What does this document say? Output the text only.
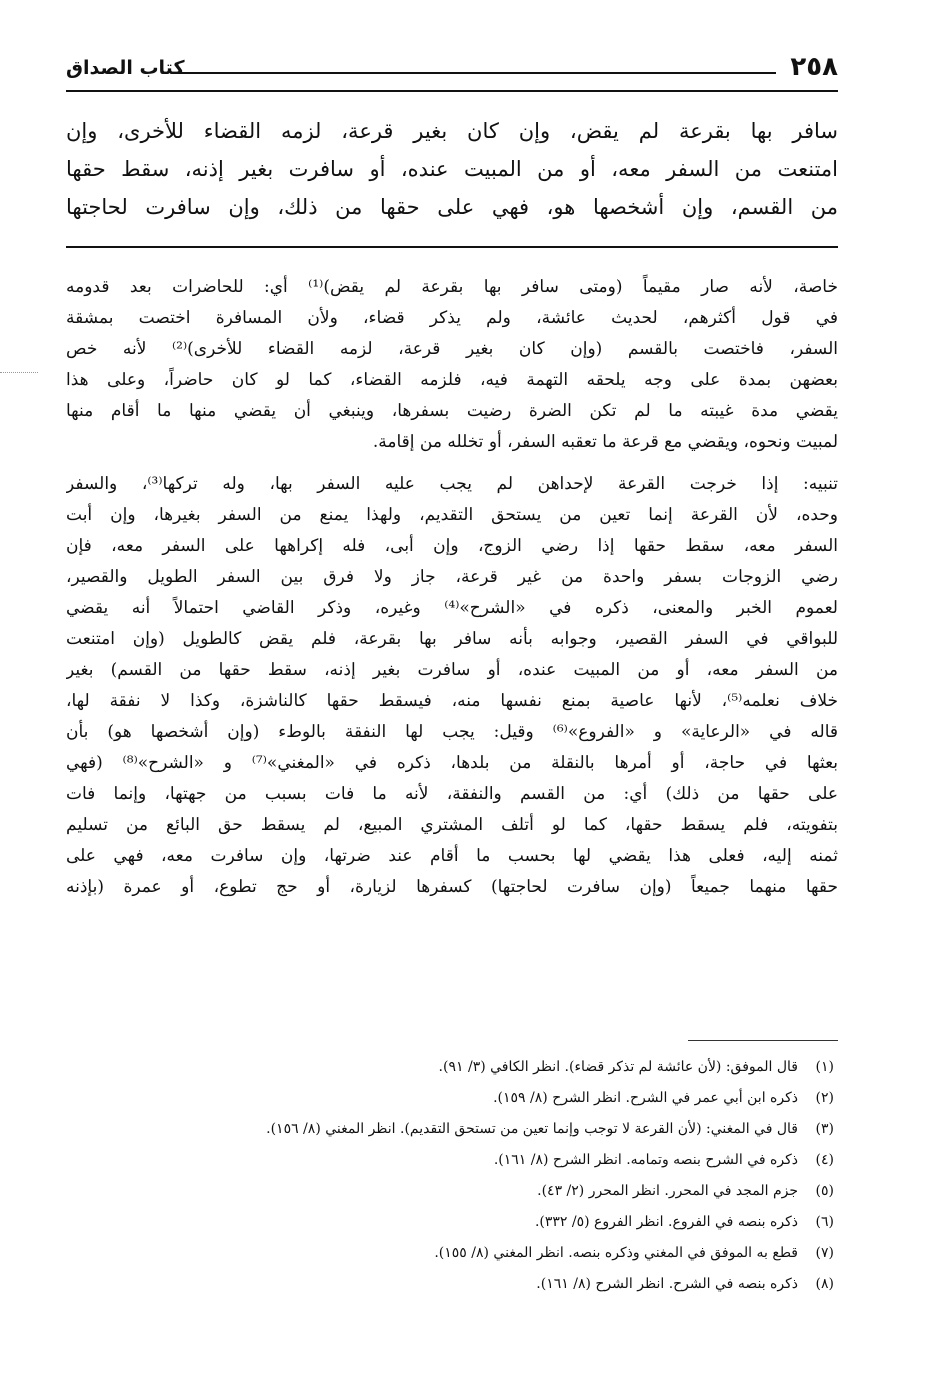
٢٥٨
كتاب الصداق
سافر بها بقرعة لم يقض، وإن كان بغير قرعة، لزمه القضاء للأخرى، وإن
امتنعت من السفر معه، أو من المبيت عنده، أو سافرت بغير إذنه، سقط حقها
من القسم، وإن أشخصها هو، فهي على حقها من ذلك، وإن سافرت لحاجتها
خاصة، لأنه صار مقيماً (ومتى سافر بها بقرعة لم يقض)⁽¹⁾ أي: للحاضرات بعد قدومه
في قول أكثرهم، لحديث عائشة، ولم يذكر قضاء، ولأن المسافرة اختصت بمشقة
السفر، فاختصت بالقسم (وإن كان بغير قرعة، لزمه القضاء للأخرى)⁽²⁾ لأنه خص
بعضهن بمدة على وجه يلحقه التهمة فيه، فلزمه القضاء، كما لو كان حاضراً، وعلى هذا
يقضي مدة غيبته ما لم تكن الضرة رضيت بسفرها، وينبغي أن يقضي منها ما أقام منها
لمبيت ونحوه، ويقضي مع قرعة ما تعقبه السفر، أو تخلله من إقامة.
تنبيه: إذا خرجت القرعة لإحداهن لم يجب عليه السفر بها، وله تركها⁽³⁾، والسفر
وحده، لأن القرعة إنما تعين من يستحق التقديم، ولهذا يمنع من السفر بغيرها، وإن أبت
السفر معه، سقط حقها إذا رضي الزوج، وإن أبى، فله إكراهها على السفر معه، فإن
رضي الزوجات بسفر واحدة من غير قرعة، جاز ولا فرق بين السفر الطويل والقصير،
لعموم الخبر والمعنى، ذكره في «الشرح»⁽⁴⁾ وغيره، وذكر القاضي احتمالاً أنه يقضي
للبواقي في السفر القصير، وجوابه بأنه سافر بها بقرعة، فلم يقض كالطويل (وإن امتنعت
من السفر معه، أو من المبيت عنده، أو سافرت بغير إذنه، سقط حقها من القسم) بغير
خلاف نعلمه⁽⁵⁾، لأنها عاصية بمنع نفسها منه، فيسقط حقها كالناشزة، وكذا لا نفقة لها،
قاله في «الرعاية» و «الفروع»⁽⁶⁾ وقيل: يجب لها النفقة بالوطء (وإن أشخصها هو) بأن
بعثها في حاجة، أو أمرها بالنقلة من بلدها، ذكره في «المغني»⁽⁷⁾ و «الشرح»⁽⁸⁾ (فهي
على حقها من ذلك) أي: من القسم والنفقة، لأنه ما فات بسبب من جهتها، وإنما فات
بتفويته، فلم يسقط حقها، كما لو أتلف المشتري المبيع، لم يسقط حق البائع من تسليم
ثمنه إليه، فعلى هذا يقضي لها بحسب ما أقام عند ضرتها، وإن سافرت معه، فهي على
حقها منهما جميعاً (وإن سافرت لحاجتها) كسفرها لزيارة، أو حج تطوع، أو عمرة (بإذنه
(١)قال الموفق: (لأن عائشة لم تذكر قضاء). انظر الكافي (٣/ ٩١).
(٢)ذكره ابن أبي عمر في الشرح. انظر الشرح (٨/ ١٥٩).
(٣)قال في المغني: (لأن القرعة لا توجب وإنما تعين من تستحق التقديم). انظر المغني (٨/ ١٥٦).
(٤)ذكره في الشرح بنصه وتمامه. انظر الشرح (٨/ ١٦١).
(٥)جزم المجد في المحرر. انظر المحرر (٢/ ٤٣).
(٦)ذكره بنصه في الفروع. انظر الفروع (٥/ ٣٣٢).
(٧)قطع به الموفق في المغني وذكره بنصه. انظر المغني (٨/ ١٥٥).
(٨)ذكره بنصه في الشرح. انظر الشرح (٨/ ١٦١).
